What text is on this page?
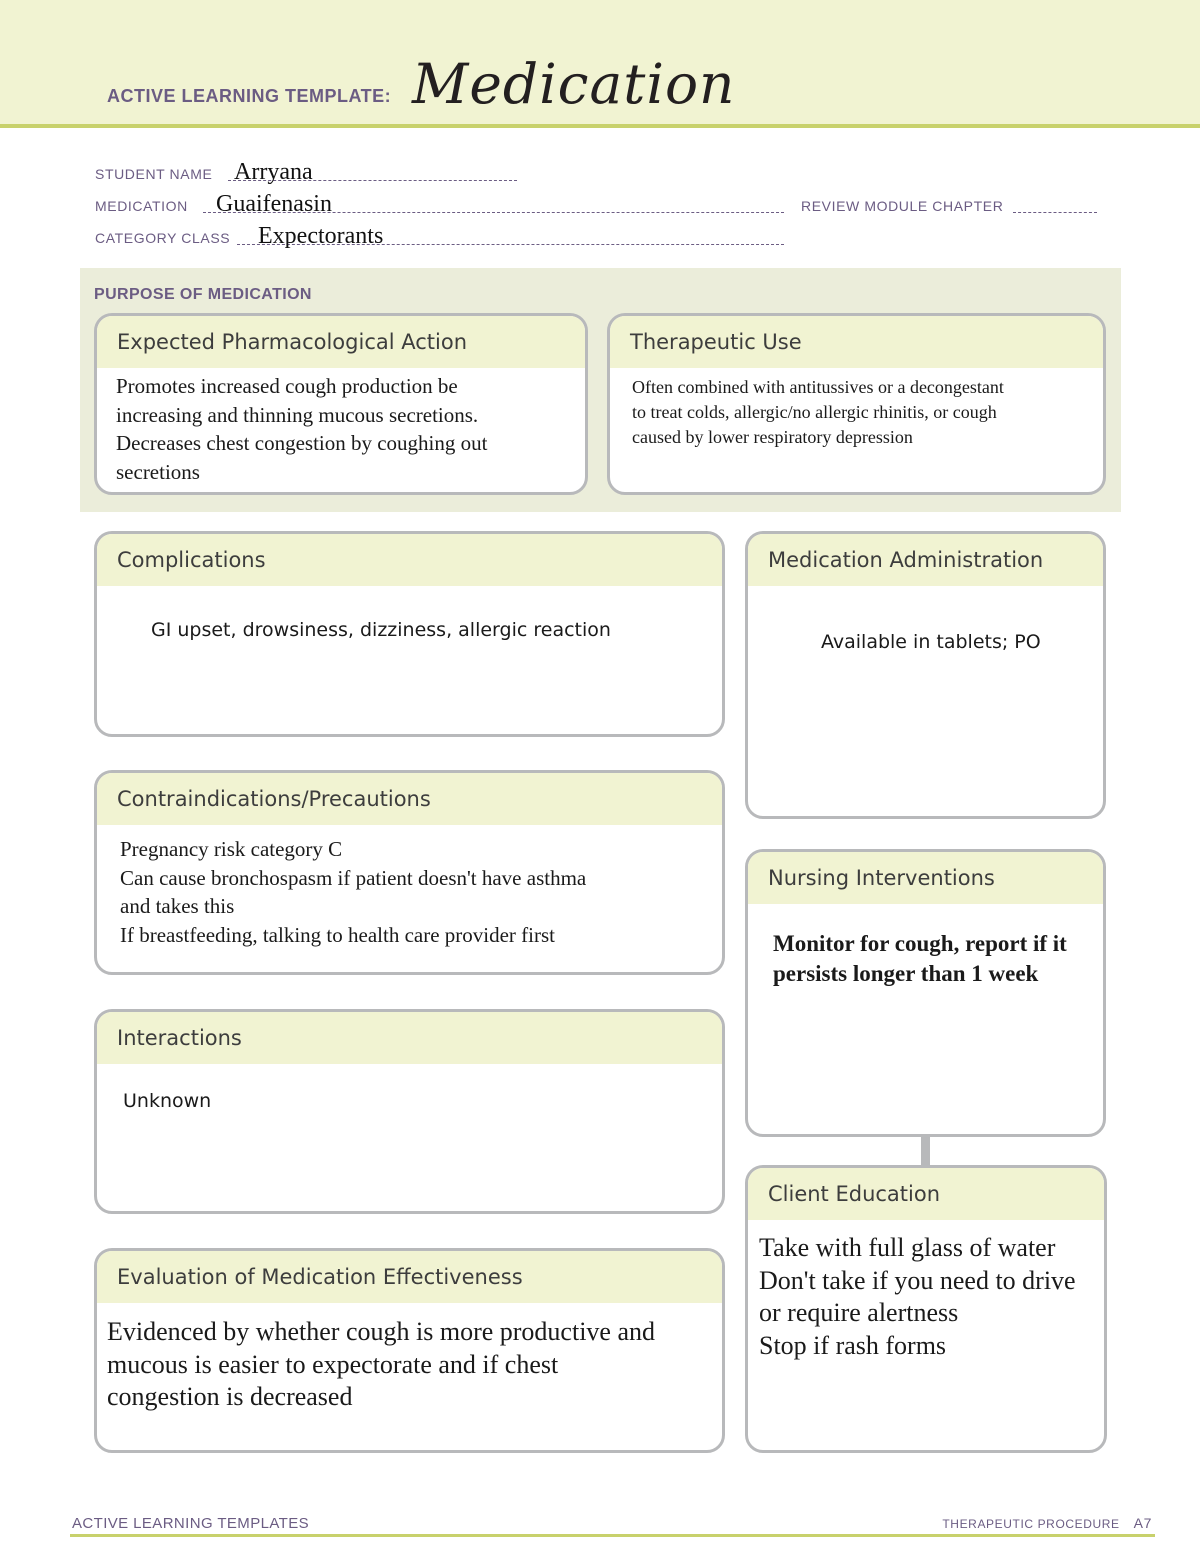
ACTIVE LEARNING TEMPLATE: Medication
STUDENT NAME Arryana
MEDICATION Guaifenasin	REVIEW MODULE CHAPTER
CATEGORY CLASS Expectorants
PURPOSE OF MEDICATION
Expected Pharmacological Action
Promotes increased cough production be
increasing and thinning mucous secretions.
Decreases chest congestion by coughing out
secretions
Therapeutic Use
Often combined with antitussives or a decongestant
to treat colds, allergic/no allergic rhinitis, or cough
caused by lower respiratory depression
Complications
GI upset, drowsiness, dizziness, allergic reaction
Medication Administration
Available in tablets; PO
Contraindications/Precautions
Pregnancy risk category C
Can cause bronchospasm if patient doesn't have asthma
and takes this
If breastfeeding, talking to health care provider first
Nursing Interventions
Monitor for cough, report if it
persists longer than 1 week
Interactions
Unknown
Client Education
Take with full glass of water
Don't take if you need to drive
or require alertness
Stop if rash forms
Evaluation of Medication Effectiveness
Evidenced by whether cough is more productive and
mucous is easier to expectorate and if chest
congestion is decreased
ACTIVE LEARNING TEMPLATES	THERAPEUTIC PROCEDURE A7
